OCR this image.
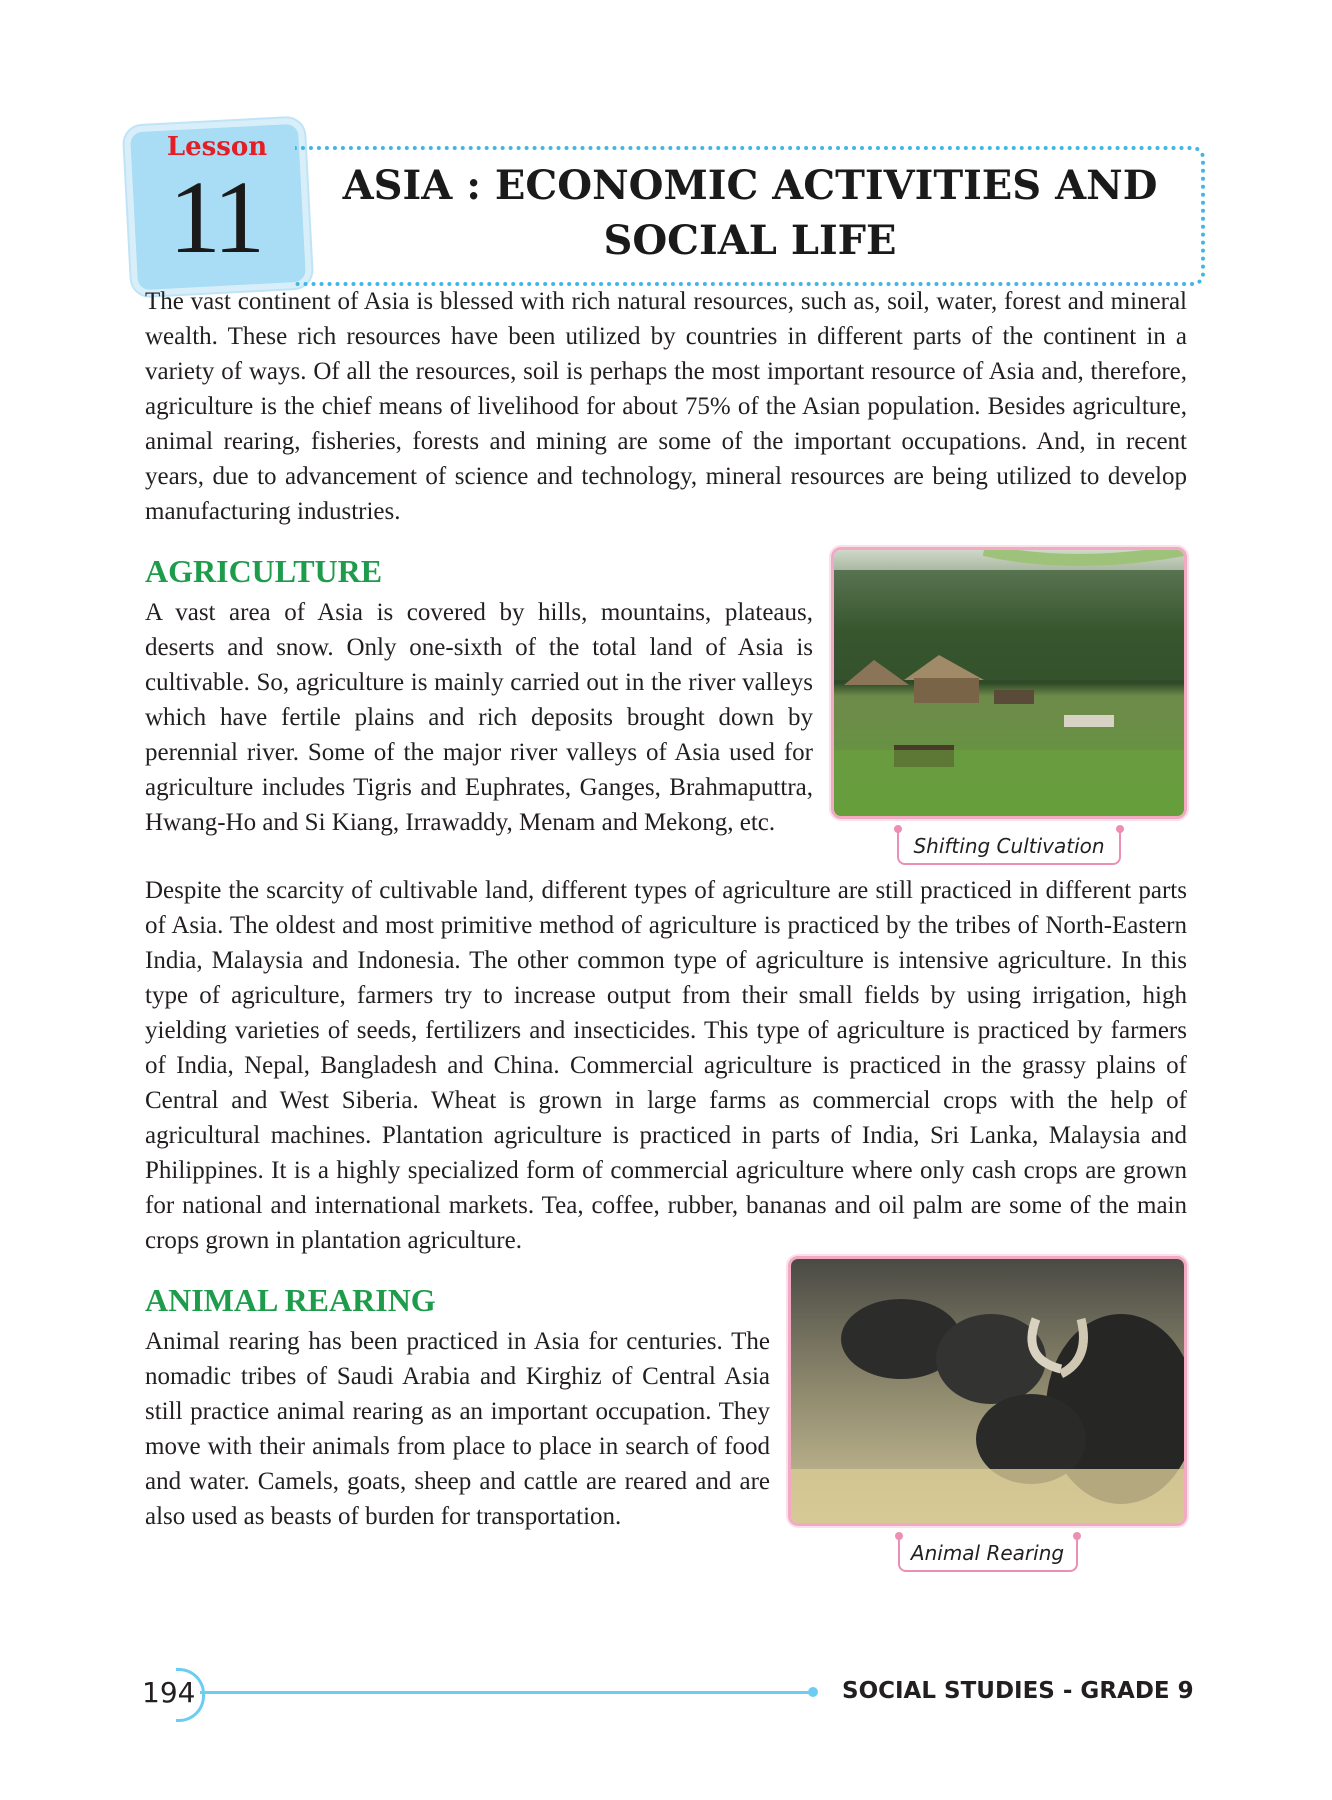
Lesson
11	ASIA : ECONOMIC ACTIVITIES AND
SOCIAL LIFE

The vast continent of Asia is blessed with rich natural resources, such as, soil, water, forest and mineral wealth. These rich resources have been utilized by countries in different parts of the continent in a variety of ways. Of all the resources, soil is perhaps the most important resource of Asia and, therefore, agriculture is the chief means of livelihood for about 75% of the Asian population. Besides agriculture, animal rearing, fisheries, forests and mining are some of the important occupations. And, in recent years, due to advancement of science and technology, mineral resources are being utilized to develop manufacturing industries.

Shifting Cultivation
AGRICULTURE

A vast area of Asia is covered by hills, mountains, plateaus, deserts and snow. Only one-sixth of the total land of Asia is cultivable. So, agriculture is mainly carried out in the river valleys which have fertile plains and rich deposits brought down by perennial river. Some of the major river valleys of Asia used for agriculture includes Tigris and Euphrates, Ganges, Brahmaputtra, Hwang-Ho and Si Kiang, Irrawaddy, Menam and Mekong, etc.

Despite the scarcity of cultivable land, different types of agriculture are still practiced in different parts of Asia. The oldest and most primitive method of agriculture is practiced by the tribes of North-Eastern India, Malaysia and Indonesia. The other common type of agriculture is intensive agriculture. In this type of agriculture, farmers try to increase output from their small fields by using irrigation, high yielding varieties of seeds, fertilizers and insecticides. This type of agriculture is practiced by farmers of India, Nepal, Bangladesh and China. Commercial agriculture is practiced in the grassy plains of Central and West Siberia. Wheat is grown in large farms as commercial crops with the help of agricultural machines. Plantation agriculture is practiced in parts of India, Sri Lanka, Malaysia and Philippines. It is a highly specialized form of commercial agriculture where only cash crops are grown for national and international markets. Tea, coffee, rubber, bananas and oil palm are some of the main crops grown in plantation agriculture.

Animal Rearing
ANIMAL REARING

Animal rearing has been practiced in Asia for centuries. The nomadic tribes of Saudi Arabia and Kirghiz of Central Asia still practice animal rearing as an important occupation. They move with their animals from place to place in search of food and water. Camels, goats, sheep and cattle are reared and are also used as beasts of burden for transportation.

194	SOCIAL STUDIES - GRADE 9
